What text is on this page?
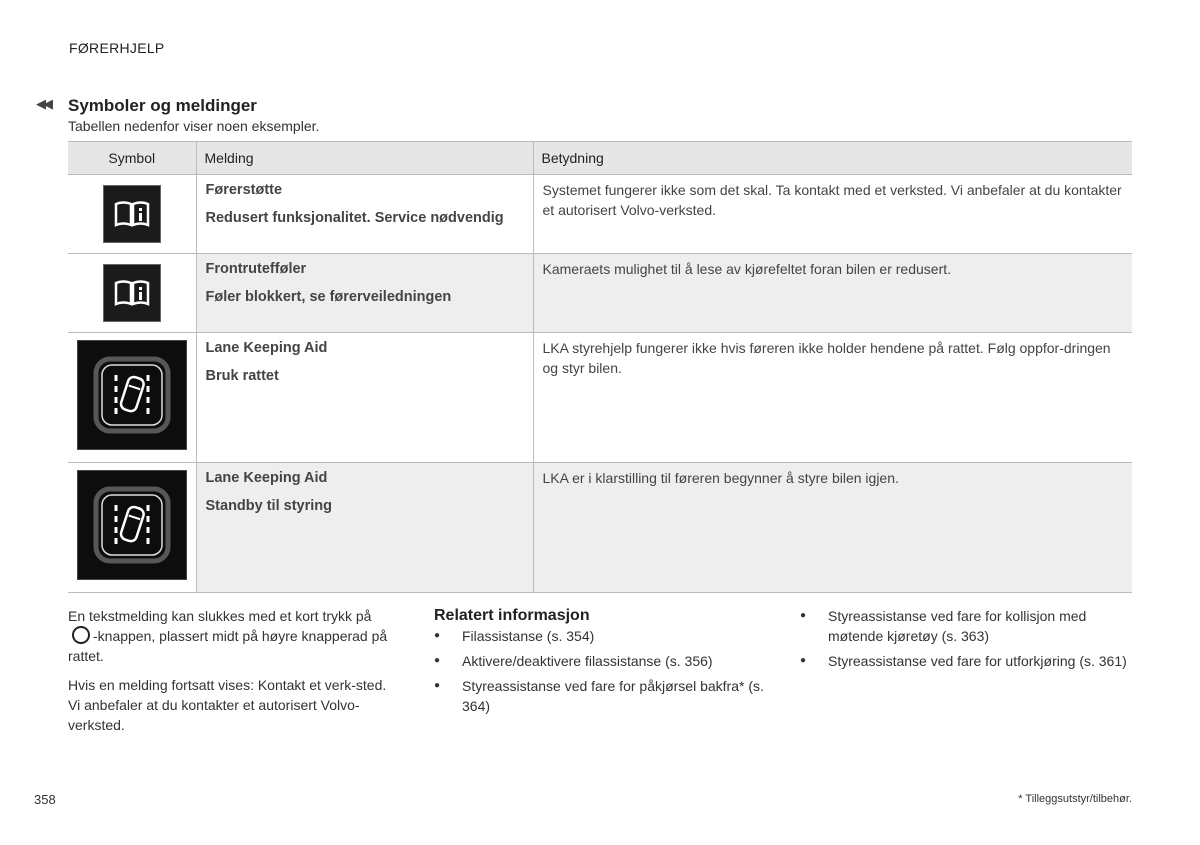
FØRERHJELP
◀◀ Symboler og meldinger
Tabellen nedenfor viser noen eksempler.
Symbol	Melding	Betydning

Førerstøtte
Redusert funksjonalitet. Service nødvendig	Systemet fungerer ikke som det skal. Ta kontakt med et verksted. Vi anbefaler at du kontakter et autorisert Volvo-verksted.

Frontrutefføler
Føler blokkert, se førerveiledningen	Kameraets mulighet til å lese av kjørefeltet foran bilen er redusert.

Lane Keeping Aid
Bruk rattet	LKA styrehjelp fungerer ikke hvis føreren ikke holder hendene på rattet. Følg oppfor-dringen og styr bilen.

Lane Keeping Aid
Standby til styring	LKA er i klarstilling til føreren begynner å styre bilen igjen.

En tekstmelding kan slukkes med et kort trykk på
-knappen, plassert midt på høyre knapperad på rattet.

Hvis en melding fortsatt vises: Kontakt et verk-sted. Vi anbefaler at du kontakter et autorisert Volvo-verksted.

Relatert informasjon
● Filassistanse (s. 354)
● Aktivere/deaktivere filassistanse (s. 356)
● Styreassistanse ved fare for påkjørsel bakfra* (s. 364)
● Styreassistanse ved fare for kollisjon med møtende kjøretøy (s. 363)
● Styreassistanse ved fare for utforkjøring (s. 361)
358	* Tilleggsutstyr/tilbehør.
